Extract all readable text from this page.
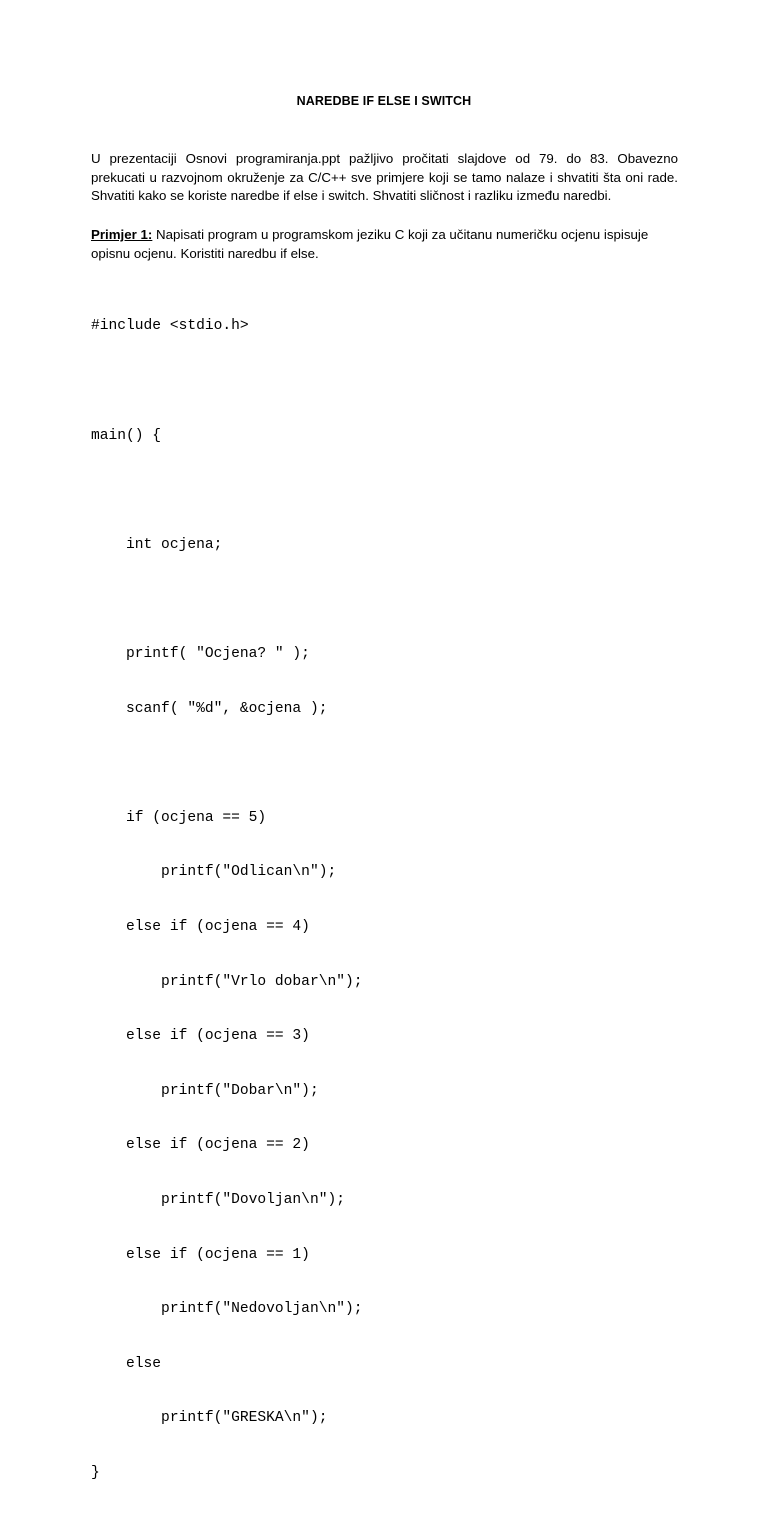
NAREDBE IF ELSE I SWITCH
U prezentaciji Osnovi programiranja.ppt pažljivo pročitati slajdove od 79. do 83. Obavezno prekucati u razvojnom okruženje za C/C++ sve primjere koji se tamo nalaze i shvatiti šta oni rade. Shvatiti kako se koriste naredbe if else i switch. Shvatiti sličnost i razliku između naredbi.
Primjer 1: Napisati program u programskom jeziku C koji za učitanu numeričku ocjenu ispisuje opisnu ocjenu. Koristiti naredbu if else.

#include <stdio.h>

main() {

int ocjena;

printf( "Ocjena? " );

scanf( "%d", &ocjena );

if (ocjena == 5)

printf("Odlican\n");

else if (ocjena == 4)

printf("Vrlo dobar\n");

else if (ocjena == 3)

printf("Dobar\n");

else if (ocjena == 2)

printf("Dovoljan\n");

else if (ocjena == 1)

printf("Nedovoljan\n");

else

printf("GRESKA\n");

}
